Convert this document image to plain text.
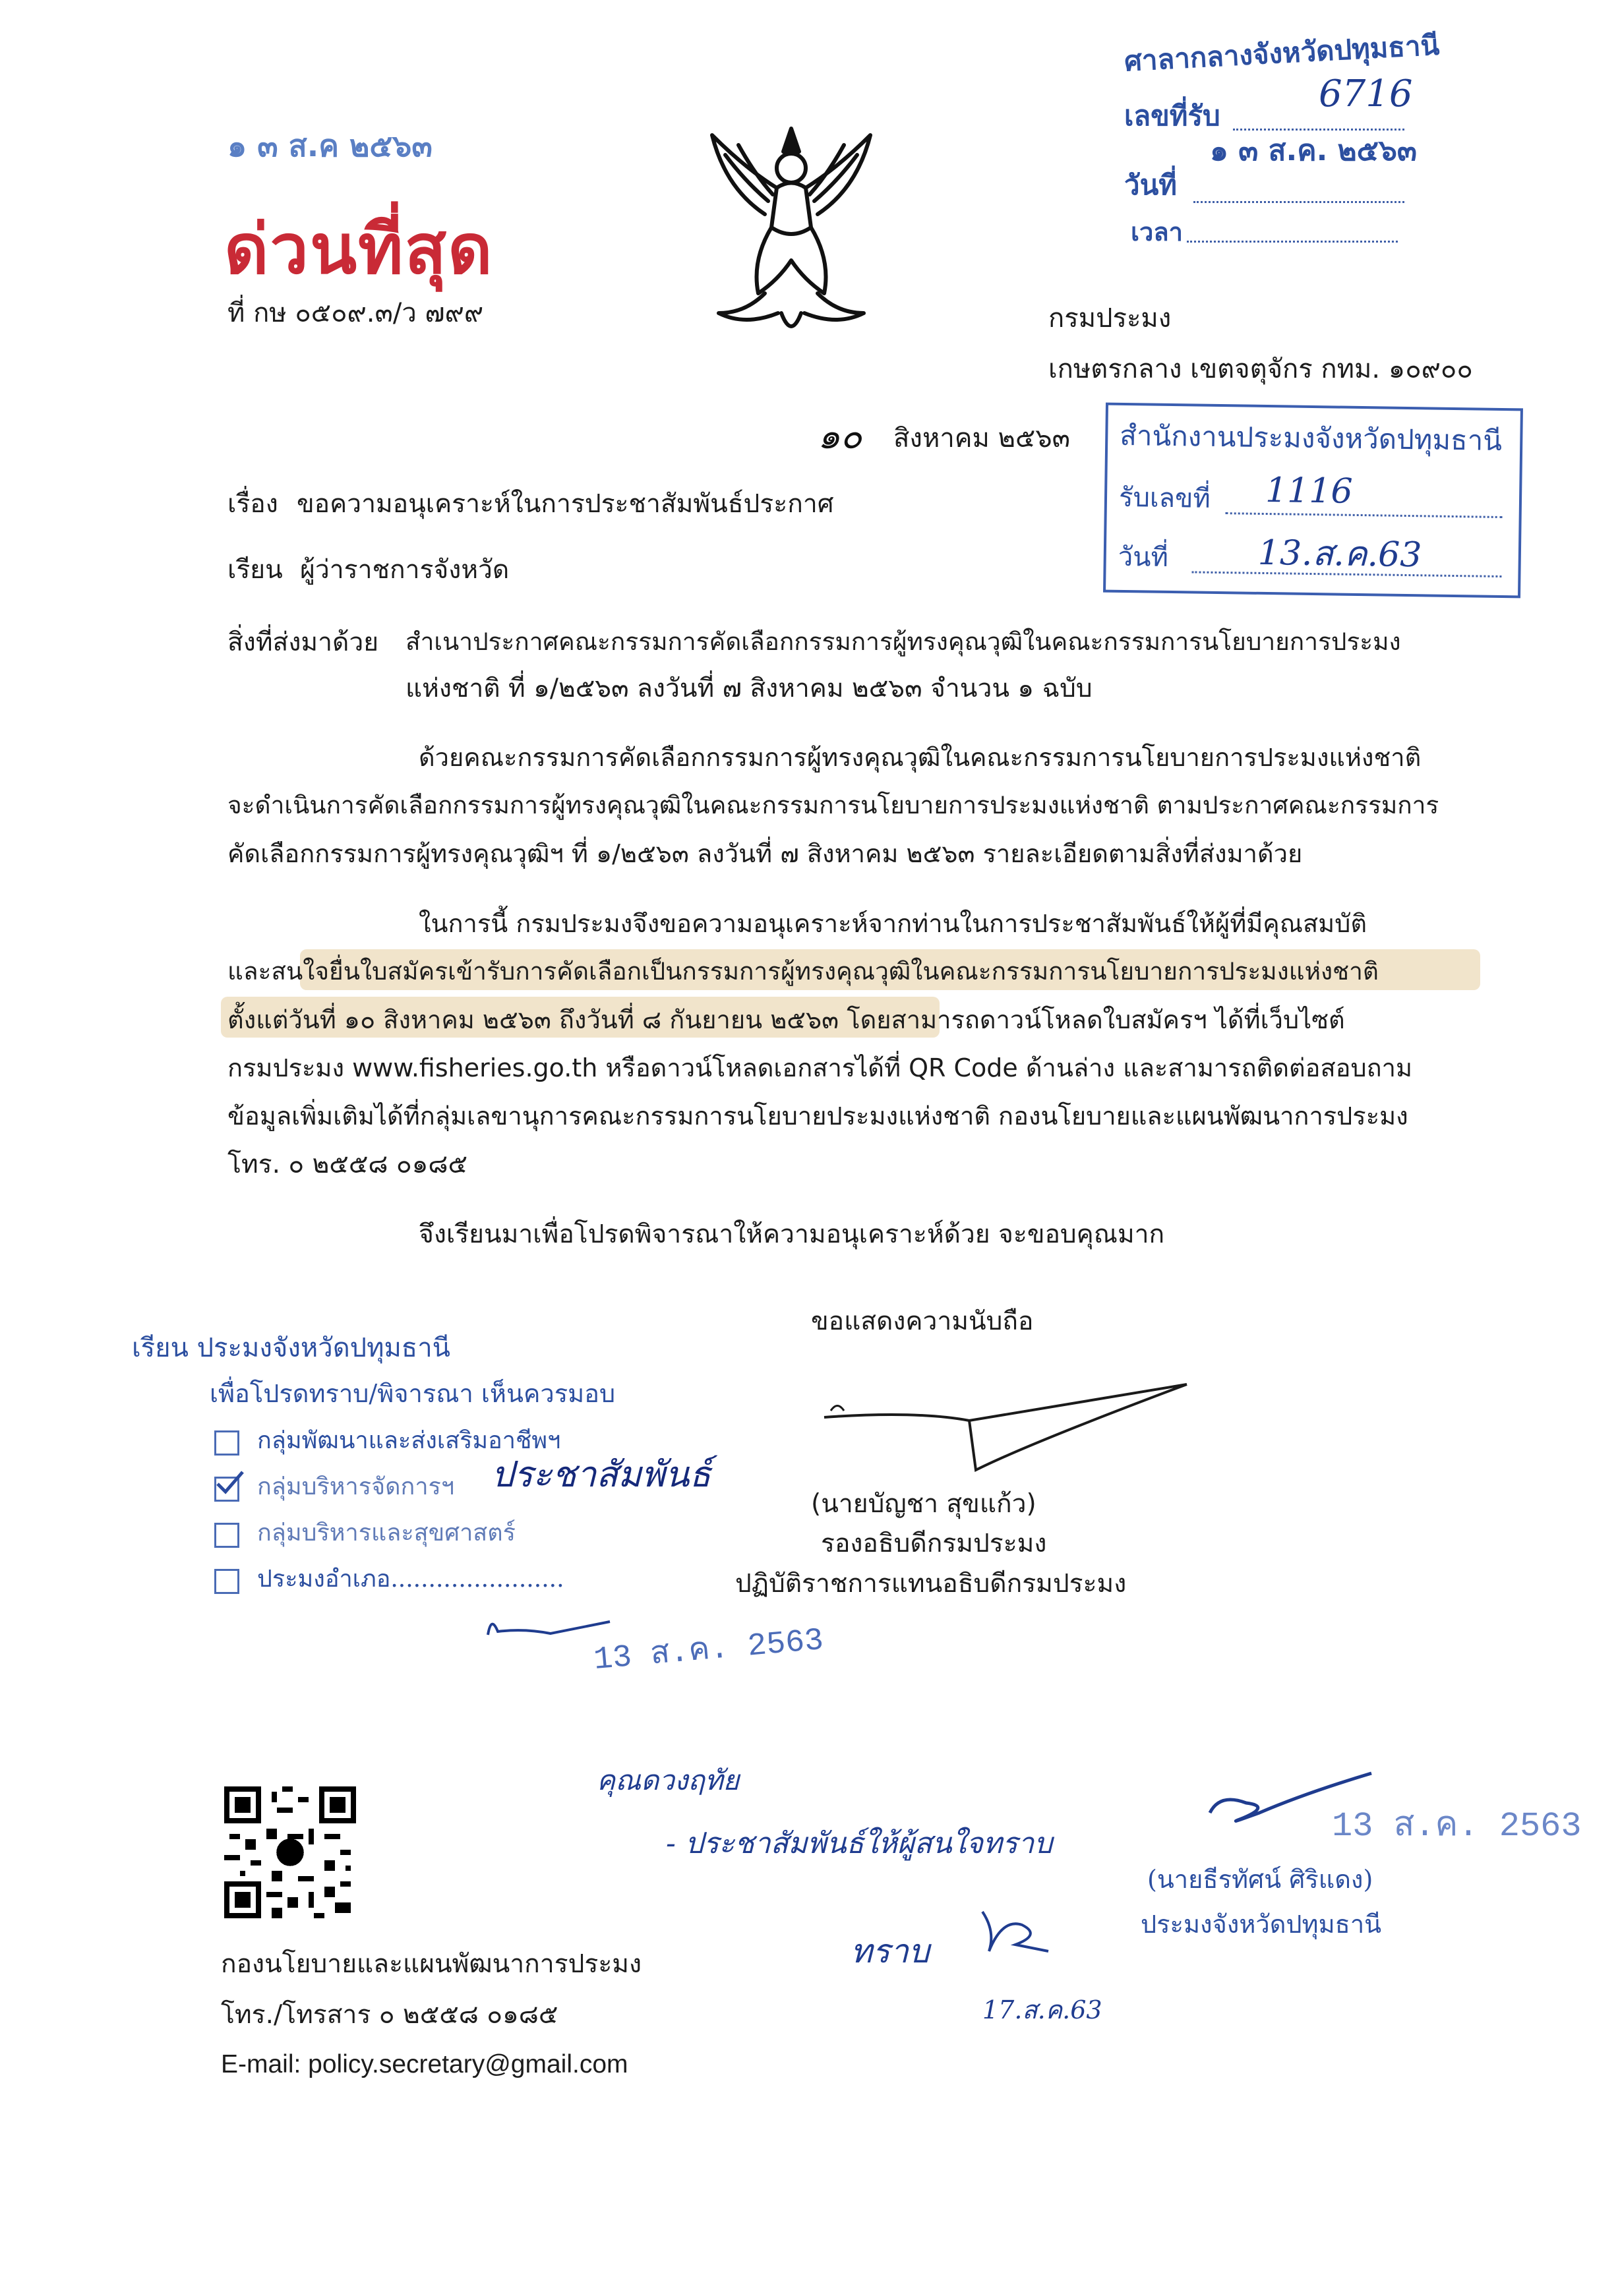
๑ ๓ ส.ค ๒๕๖๓
ด่วนที่สุด
ที่ กษ ๐๕๐๙.๓/ว ๗๙๙	กรมประมง
เกษตรกลาง เขตจตุจักร กทม. ๑๐๙๐๐
๑๐ สิงหาคม ๒๕๖๓
ศาลากลางจังหวัดปทุมธานี
เลขที่รับ
6716
วันที่
๑ ๓ ส.ค. ๒๕๖๓
เวลา
สำนักงานประมงจังหวัดปทุมธานี
รับเลขที่ 1116
วันที่	13.ส.ค.63
เรื่อง ขอความอนุเคราะห์ในการประชาสัมพันธ์ประกาศ
เรียน ผู้ว่าราชการจังหวัด
สิ่งที่ส่งมาด้วย สำเนาประกาศคณะกรรมการคัดเลือกกรรมการผู้ทรงคุณวุฒิในคณะกรรมการนโยบายการประมง
แห่งชาติ ที่ ๑/๒๕๖๓ ลงวันที่ ๗ สิงหาคม ๒๕๖๓ จำนวน ๑ ฉบับ
ด้วยคณะกรรมการคัดเลือกกรรมการผู้ทรงคุณวุฒิในคณะกรรมการนโยบายการประมงแห่งชาติ
จะดำเนินการคัดเลือกกรรมการผู้ทรงคุณวุฒิในคณะกรรมการนโยบายการประมงแห่งชาติ ตามประกาศคณะกรรมการ
คัดเลือกกรรมการผู้ทรงคุณวุฒิฯ ที่ ๑/๒๕๖๓ ลงวันที่ ๗ สิงหาคม ๒๕๖๓ รายละเอียดตามสิ่งที่ส่งมาด้วย
ในการนี้ กรมประมงจึงขอความอนุเคราะห์จากท่านในการประชาสัมพันธ์ให้ผู้ที่มีคุณสมบัติ
และสนใจยื่นใบสมัครเข้ารับการคัดเลือกเป็นกรรมการผู้ทรงคุณวุฒิในคณะกรรมการนโยบายการประมงแห่งชาติ
ตั้งแต่วันที่ ๑๐ สิงหาคม ๒๕๖๓ ถึงวันที่ ๘ กันยายน ๒๕๖๓ โดยสามารถดาวน์โหลดใบสมัครฯ ได้ที่เว็บไซต์
กรมประมง www.fisheries.go.th หรือดาวน์โหลดเอกสารได้ที่ QR Code ด้านล่าง และสามารถติดต่อสอบถาม
ข้อมูลเพิ่มเติมได้ที่กลุ่มเลขานุการคณะกรรมการนโยบายประมงแห่งชาติ กองนโยบายและแผนพัฒนาการประมง
โทร. ๐ ๒๕๕๘ ๐๑๘๕
จึงเรียนมาเพื่อโปรดพิจารณาให้ความอนุเคราะห์ด้วย จะขอบคุณมาก
ขอแสดงความนับถือ
(นายบัญชา สุขแก้ว)
รองอธิบดีกรมประมง
ปฏิบัติราชการแทนอธิบดีกรมประมง
เรียน ประมงจังหวัดปทุมธานี
เพื่อโปรดทราบ/พิจารณา เห็นควรมอบ
กลุ่มพัฒนาและส่งเสริมอาชีพฯ
กลุ่มบริหารจัดการฯ ประชาสัมพันธ์
กลุ่มบริหารและสุขศาสตร์
ประมงอำเภอ.......................
13 ส.ค. 2563
กองนโยบายและแผนพัฒนาการประมง
โทร./โทรสาร ๐ ๒๕๕๘ ๐๑๘๕
E-mail: policy.secretary@gmail.com
คุณดวงฤทัย
- ประชาสัมพันธ์ให้ผู้สนใจทราบ
ทราบ
17.ส.ค.63
13 ส.ค. 2563
(นายธีรทัศน์ ศิริแดง)
ประมงจังหวัดปทุมธานี
